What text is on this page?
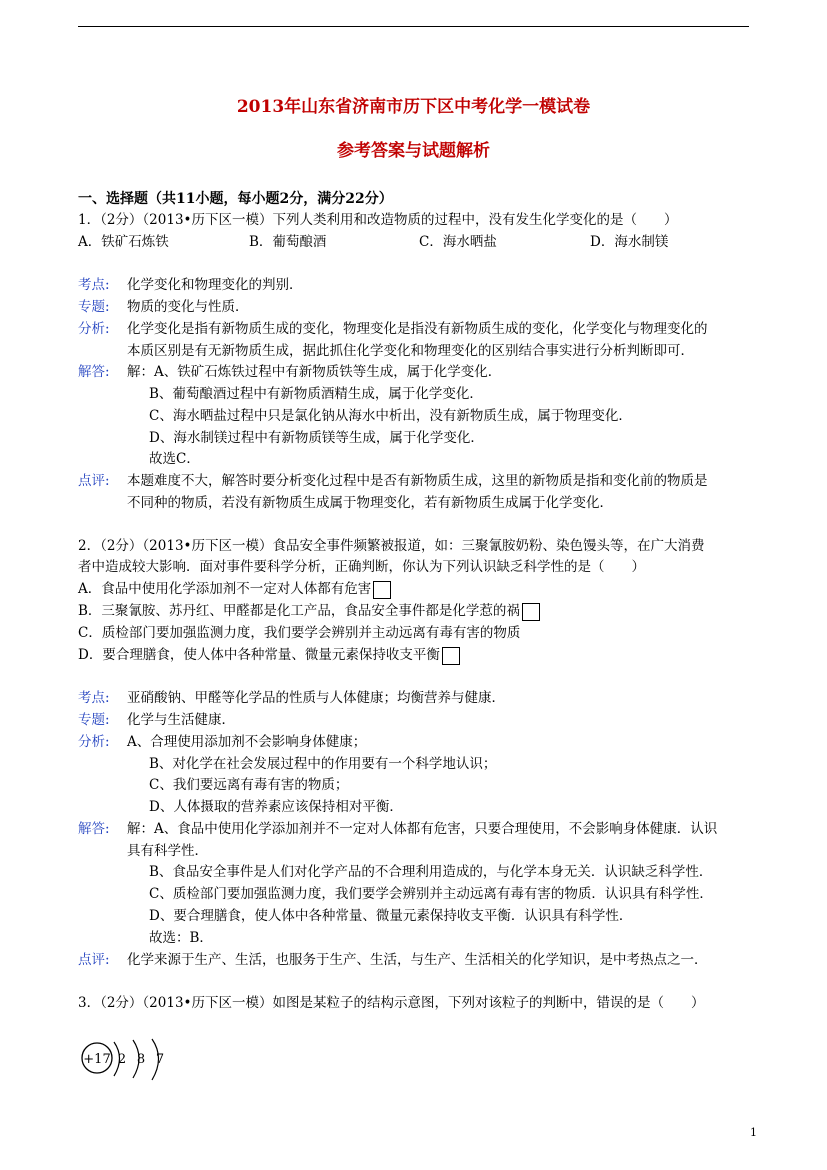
2013年山东省济南市历下区中考化学一模试卷
参考答案与试题解析
一、选择题（共11小题，每小题2分，满分22分）
1．（2分）（2013•历下区一模）下列人类利用和改造物质的过程中，没有发生化学变化的是（　　）
A．铁矿石炼铁	B．葡萄酿酒	C．海水晒盐	D．海水制镁
考点: 化学变化和物理变化的判别．
专题: 物质的变化与性质．
分析: 化学变化是指有新物质生成的变化，物理变化是指没有新物质生成的变化，化学变化与物理变化的
本质区别是有无新物质生成，据此抓住化学变化和物理变化的区别结合事实进行分析判断即可．
解答: 解：A、铁矿石炼铁过程中有新物质铁等生成，属于化学变化．
B、葡萄酿酒过程中有新物质酒精生成，属于化学变化．
C、海水晒盐过程中只是氯化钠从海水中析出，没有新物质生成，属于物理变化．
D、海水制镁过程中有新物质镁等生成，属于化学变化．
故选C．
点评: 本题难度不大，解答时要分析变化过程中是否有新物质生成，这里的新物质是指和变化前的物质是
不同种的物质，若没有新物质生成属于物理变化，若有新物质生成属于化学变化．
2．（2分）（2013•历下区一模）食品安全事件频繁被报道，如：三聚氰胺奶粉、染色馒头等，在广大消费
者中造成较大影响．面对事件要科学分析，正确判断，你认为下列认识缺乏科学性的是（　　）
A．食品中使用化学添加剂不一定对人体都有危害
B．三聚氰胺、苏丹红、甲醛都是化工产品，食品安全事件都是化学惹的祸
C．质检部门要加强监测力度，我们要学会辨别并主动远离有毒有害的物质
D．要合理膳食，使人体中各种常量、微量元素保持收支平衡
考点: 亚硝酸钠、甲醛等化学品的性质与人体健康；均衡营养与健康．
专题: 化学与生活健康．
分析: A、合理使用添加剂不会影响身体健康；
B、对化学在社会发展过程中的作用要有一个科学地认识；
C、我们要远离有毒有害的物质；
D、人体摄取的营养素应该保持相对平衡．
解答: 解：A、食品中使用化学添加剂并不一定对人体都有危害，只要合理使用，不会影响身体健康．认识
具有科学性．
B、食品安全事件是人们对化学产品的不合理利用造成的，与化学本身无关．认识缺乏科学性．
C、质检部门要加强监测力度，我们要学会辨别并主动远离有毒有害的物质．认识具有科学性．
D、要合理膳食，使人体中各种常量、微量元素保持收支平衡．认识具有科学性．
故选：B．
点评: 化学来源于生产、生活，也服务于生产、生活，与生产、生活相关的化学知识，是中考热点之一．
3．（2分）（2013•历下区一模）如图是某粒子的结构示意图，下列对该粒子的判断中，错误的是（　　）
+17 2 8 7
1
